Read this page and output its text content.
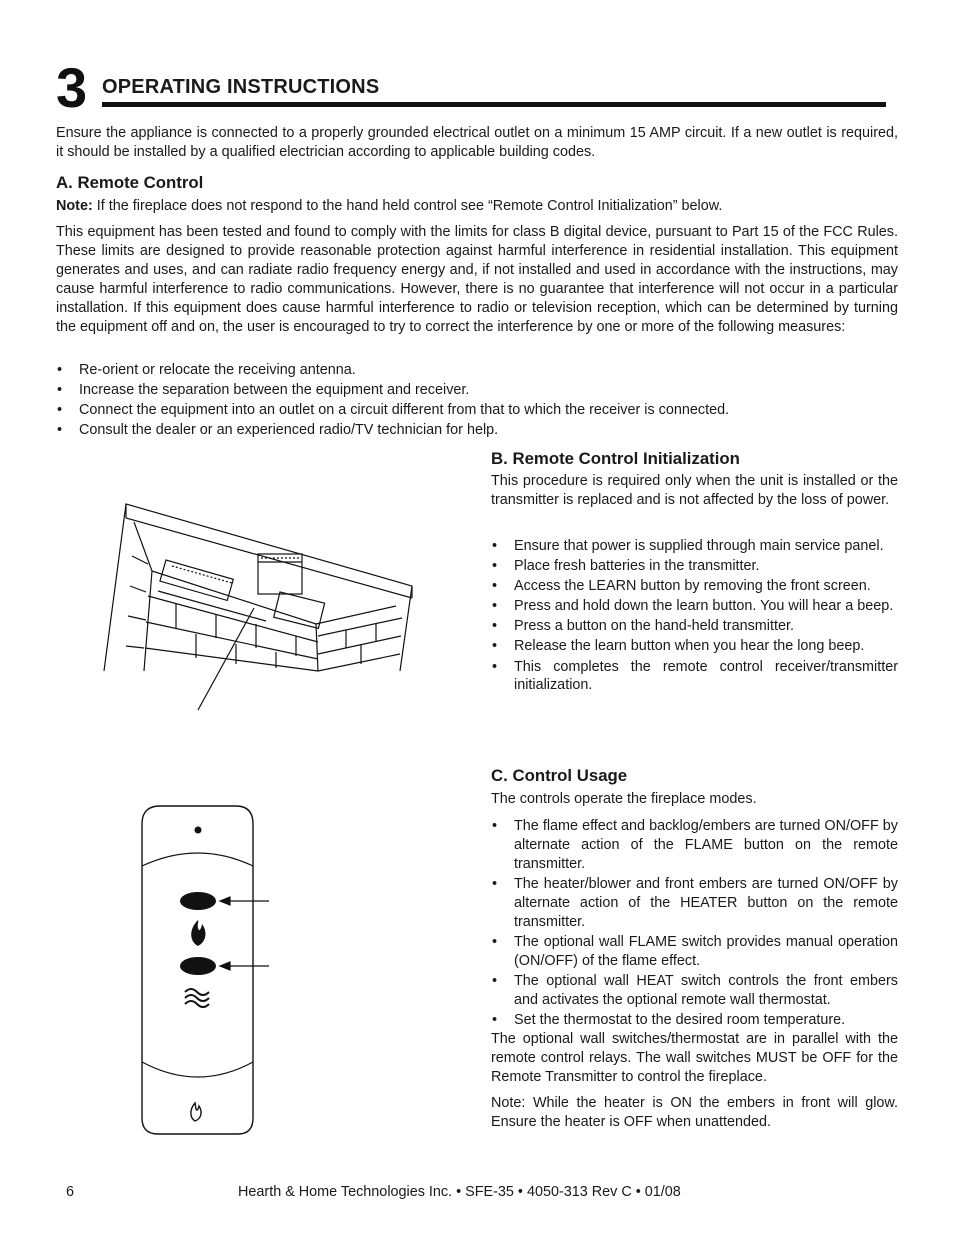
3 OPERATING INSTRUCTIONS

Ensure the appliance is connected to a properly grounded electrical outlet on a minimum 15 AMP circuit. If a new outlet is required, it should be installed by a qualified electrician according to applicable building codes.

A. Remote Control

Note: If the fireplace does not respond to the hand held control see “Remote Control Initialization” below.

This equipment has been tested and found to comply with the limits for class B digital device, pursuant to Part 15 of the FCC Rules. These limits are designed to provide reasonable protection against harmful interference in residential installation. This equipment generates and uses, and can radiate radio frequency energy and, if not installed and used in accordance with the instructions, may cause harmful interference to radio communications. However, there is no guarantee that interference will not occur in a particular installation. If this equipment does cause harmful interference to radio or television reception, which can be determined by turning the equipment off and on, the user is encouraged to try to correct the interference by one or more of the following measures:

• Re-orient or relocate the receiving antenna.
• Increase the separation between the equipment and receiver.
• Connect the equipment into an outlet on a circuit different from that to which the receiver is connected.
• Consult the dealer or an experienced radio/TV technician for help.
B. Remote Control Initialization

This procedure is required only when the unit is installed or the transmitter is replaced and is not affected by the loss of power.

• Ensure that power is supplied through main service panel.
• Place fresh batteries in the transmitter.
• Access the LEARN button by removing the front screen.
• Press and hold down the learn button. You will hear a beep.
• Press a button on the hand-held transmitter.
• Release the learn button when you hear the long beep.
• This completes the remote control receiver/transmitter initialization.
C. Control Usage

The controls operate the fireplace modes.

• The flame effect and backlog/embers are turned ON/OFF by alternate action of the FLAME button on the remote transmitter.
• The heater/blower and front embers are turned ON/OFF by alternate action of the HEATER button on the remote transmitter.
• The optional wall FLAME switch provides manual operation (ON/OFF) of the flame effect.
• The optional wall HEAT switch controls the front embers and activates the optional remote wall thermostat.
• Set the thermostat to the desired room temperature.

The optional wall switches/thermostat are in parallel with the remote control relays. The wall switches MUST be OFF for the Remote Transmitter to control the fireplace.

Note: While the heater is ON the embers in front will glow. Ensure the heater is OFF when unattended.

6	Hearth & Home Technologies Inc. • SFE-35 • 4050-313 Rev C • 01/08
